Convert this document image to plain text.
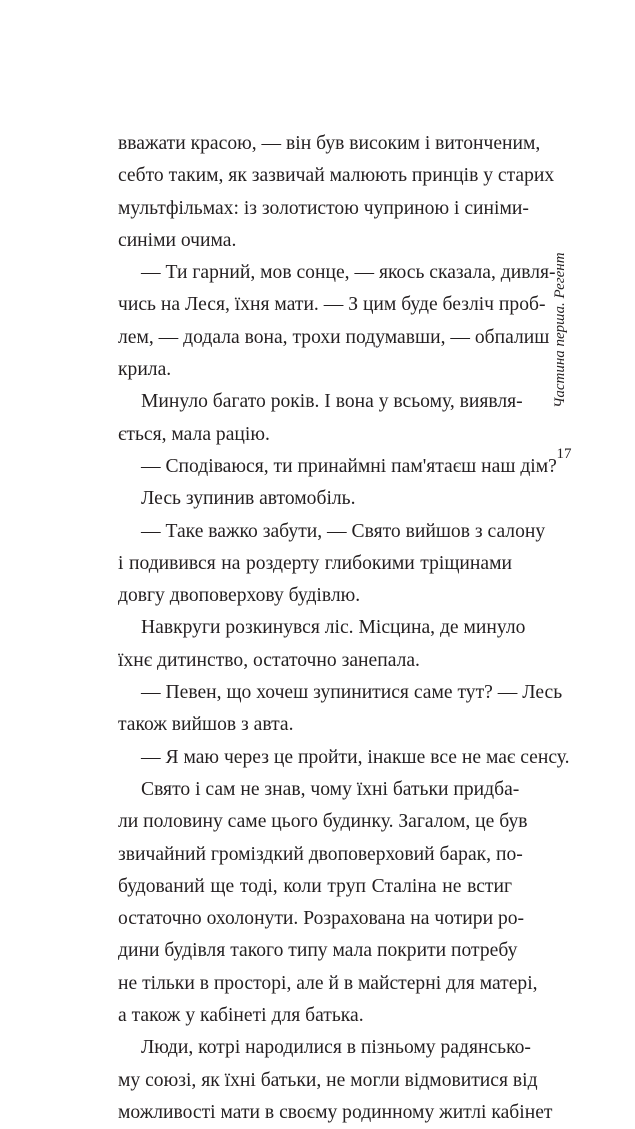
вважати красою, — він був високим і витонченим,
себто таким, як зазвичай малюють принців у старих
мультфільмах: із золотистою чуприною і синіми-
синіми очима.
— Ти гарний, мов сонце, — якось сказала, дивля-
чись на Леся, їхня мати. — З цим буде безліч проб-
лем, — додала вона, трохи подумавши, — обпалиш
крила.
Минуло багато років. І вона у всьому, виявля-
ється, мала рацію.
— Сподіваюся, ти принаймні пам'ятаєш наш дім?
Лесь зупинив автомобіль.
— Таке важко забути, — Свято вийшов з салону
і подивився на роздерту глибокими тріщинами
довгу двоповерхову будівлю.
Навкруги розкинувся ліс. Місцина, де минуло
їхнє дитинство, остаточно занепала.
— Певен, що хочеш зупинитися саме тут? — Лесь
також вийшов з авта.
— Я маю через це пройти, інакше все не має сенсу.
Свято і сам не знав, чому їхні батьки придба-
ли половину саме цього будинку. Загалом, це був
звичайний громіздкий двоповерховий барак, по-
будований ще тоді, коли труп Сталіна не встиг
остаточно охолонути. Розрахована на чотири ро-
дини будівля такого типу мала покрити потребу
не тільки в просторі, але й в майстерні для матері,
а також у кабінеті для батька.
Люди, котрі народилися в пізньому радянсько-
му союзі, як їхні батьки, не могли відмовитися від
можливості мати в своєму родинному житлі кабінет
Частина перша. Регент
17
